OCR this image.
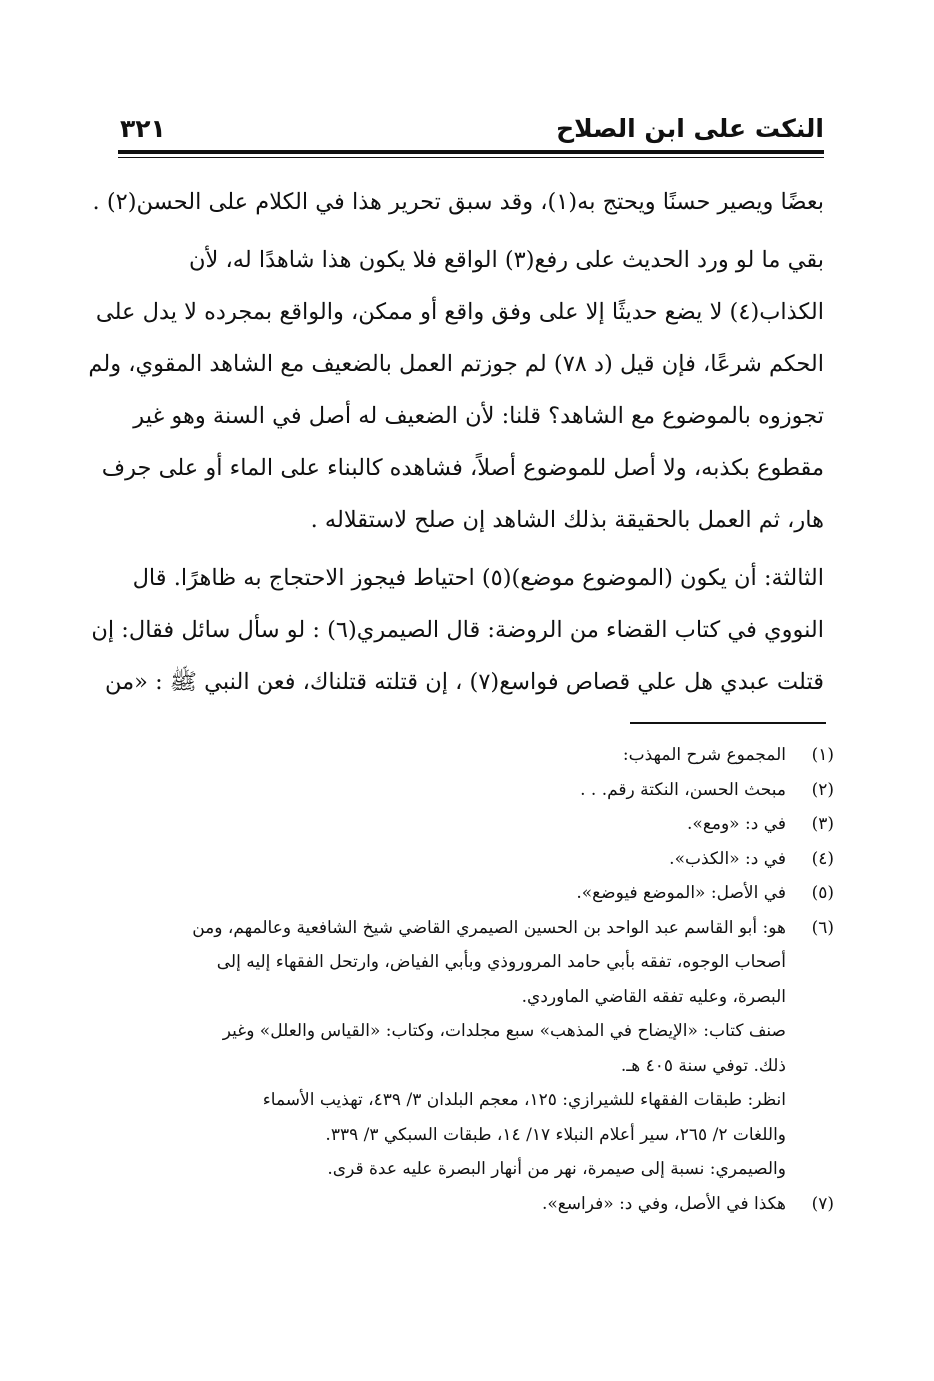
النكت على ابن الصلاح
٣٢١
بعضًا ويصير حسنًا ويحتج به(١)، وقد سبق تحرير هذا في الكلام على الحسن(٢) .
بقي ما لو ورد الحديث على رفع(٣) الواقع فلا يكون هذا شاهدًا له، لأن
الكذاب(٤) لا يضع حديثًا إلا على وفق واقع أو ممكن، والواقع بمجرده لا يدل على
الحكم شرعًا، فإن قيل (د ٧٨) لم جوزتم العمل بالضعيف مع الشاهد المقوي، ولم
تجوزوه بالموضوع مع الشاهد؟ قلنا: لأن الضعيف له أصل في السنة وهو غير
مقطوع بكذبه، ولا أصل للموضوع أصلاً، فشاهده كالبناء على الماء أو على جرف
هار، ثم العمل بالحقيقة بذلك الشاهد إن صلح لاستقلاله .
الثالثة: أن يكون (الموضوع موضع)(٥) احتياط فيجوز الاحتجاج به ظاهرًا. قال
النووي في كتاب القضاء من الروضة: قال الصيمري(٦) : لو سأل سائل فقال: إن
قتلت عبدي هل علي قصاص فواسع(٧) ، إن قتلته قتلناك، فعن النبي ﷺ : «من
(١)المجموع شرح المهذب:
(٢)مبحث الحسن، النكتة رقم. . .
(٣)في د: «ومع».
(٤)في د: «الكذب».
(٥)في الأصل: «الموضع فيوضع».
(٦)هو: أبو القاسم عبد الواحد بن الحسين الصيمري القاضي شيخ الشافعية وعالمهم، ومن
أصحاب الوجوه، تفقه بأبي حامد المروروذي وبأبي الفياض، وارتحل الفقهاء إليه إلى
البصرة، وعليه تفقه القاضي الماوردي.
صنف كتاب: «الإيضاح في المذهب» سبع مجلدات، وكتاب: «القياس والعلل» وغير
ذلك. توفي سنة ٤٠٥ هـ.
انظر: طبقات الفقهاء للشيرازي: ١٢٥، معجم البلدان ٣/ ٤٣٩، تهذيب الأسماء
واللغات ٢/ ٢٦٥، سير أعلام النبلاء ١٧/ ١٤، طبقات السبكي ٣/ ٣٣٩.
والصيمري: نسبة إلى صيمرة، نهر من أنهار البصرة عليه عدة قرى.
(٧)هكذا في الأصل، وفي د: «فراسع».
